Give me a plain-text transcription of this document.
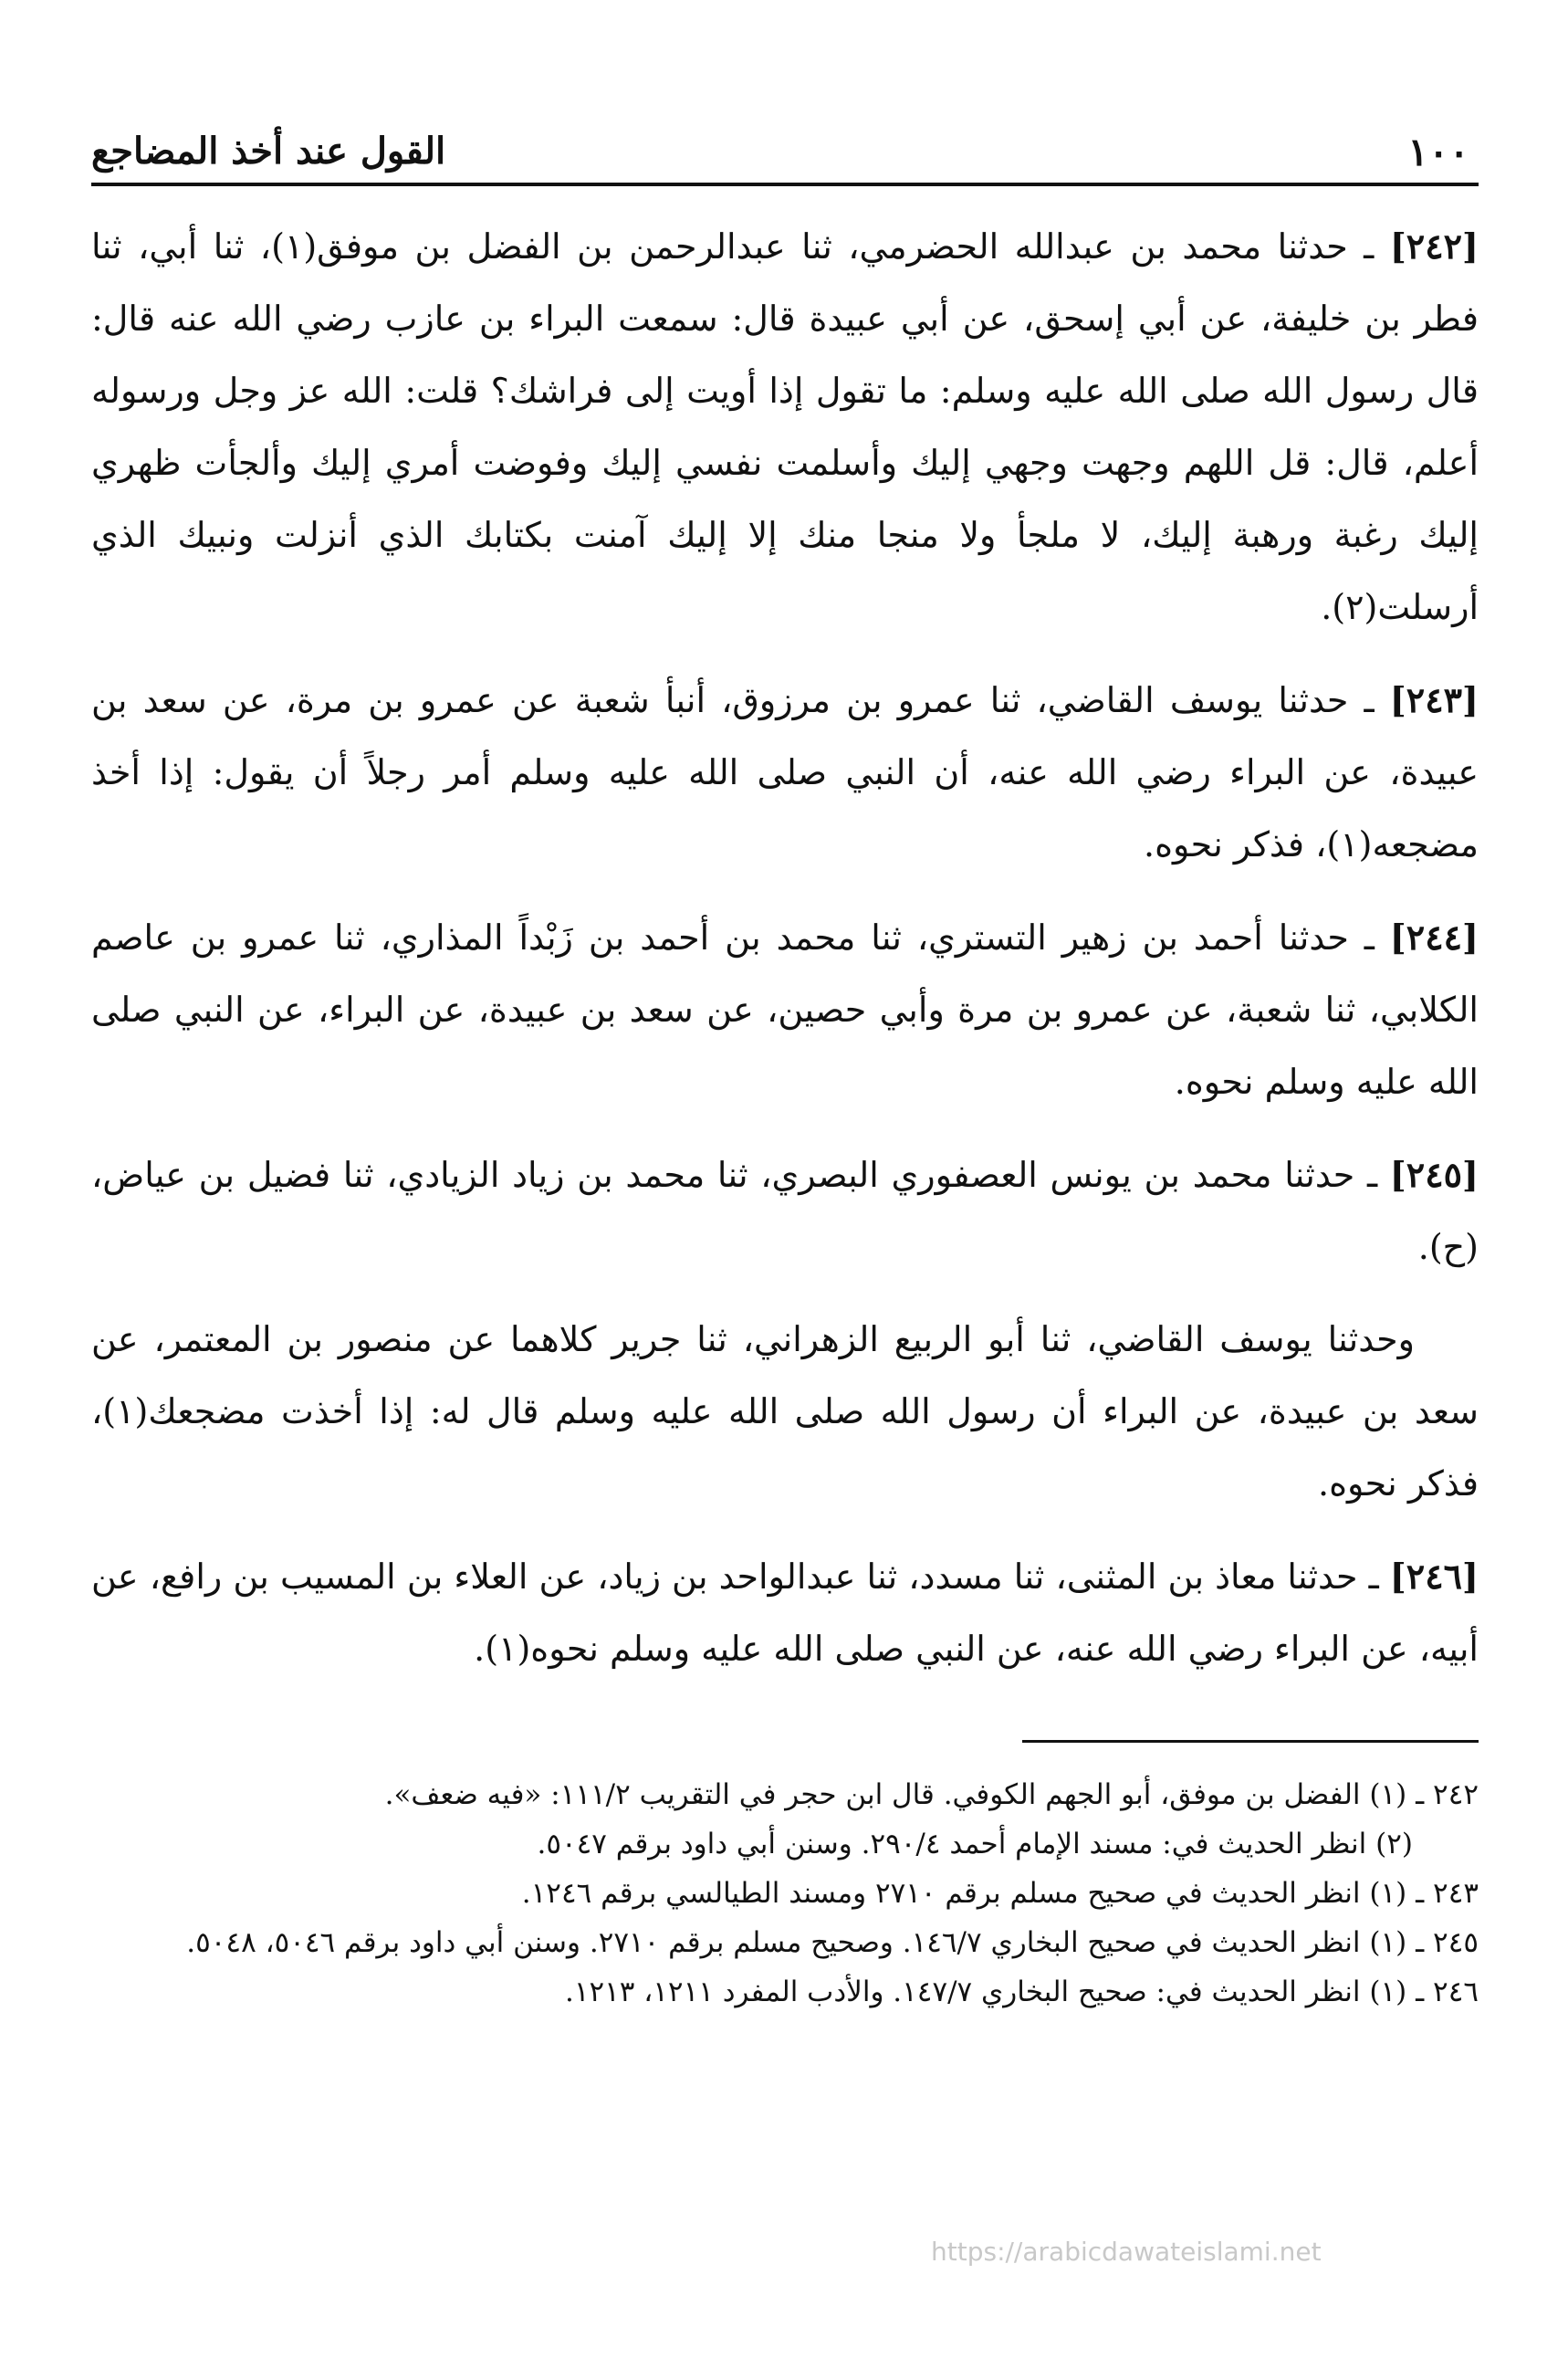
١٠٠
القول عند أخذ المضاجع

[٢٤٢] ـ حدثنا محمد بن عبدالله الحضرمي، ثنا عبدالرحمن بن الفضل بن موفق(١)، ثنا أبي، ثنا فطر بن خليفة، عن أبي إسحق، عن أبي عبيدة قال: سمعت البراء بن عازب رضي الله عنه قال: قال رسول الله صلى الله عليه وسلم: ما تقول إذا أويت إلى فراشك؟ قلت: الله عز وجل ورسوله أعلم، قال: قل اللهم وجهت وجهي إليك وأسلمت نفسي إليك وفوضت أمري إليك وألجأت ظهري إليك رغبة ورهبة إليك، لا ملجأ ولا منجا منك إلا إليك آمنت بكتابك الذي أنزلت ونبيك الذي أرسلت(٢).

[٢٤٣] ـ حدثنا يوسف القاضي، ثنا عمرو بن مرزوق، أنبأ شعبة عن عمرو بن مرة، عن سعد بن عبيدة، عن البراء رضي الله عنه، أن النبي صلى الله عليه وسلم أمر رجلاً أن يقول: إذا أخذ مضجعه(١)، فذكر نحوه.

[٢٤٤] ـ حدثنا أحمد بن زهير التستري، ثنا محمد بن أحمد بن زَبْداً المذاري، ثنا عمرو بن عاصم الكلابي، ثنا شعبة، عن عمرو بن مرة وأبي حصين، عن سعد بن عبيدة، عن البراء، عن النبي صلى الله عليه وسلم نحوه.

[٢٤٥] ـ حدثنا محمد بن يونس العصفوري البصري، ثنا محمد بن زياد الزيادي، ثنا فضيل بن عياض، (ح).

وحدثنا يوسف القاضي، ثنا أبو الربيع الزهراني، ثنا جرير كلاهما عن منصور بن المعتمر، عن سعد بن عبيدة، عن البراء أن رسول الله صلى الله عليه وسلم قال له: إذا أخذت مضجعك(١)، فذكر نحوه.

[٢٤٦] ـ حدثنا معاذ بن المثنى، ثنا مسدد، ثنا عبدالواحد بن زياد، عن العلاء بن المسيب بن رافع، عن أبيه، عن البراء رضي الله عنه، عن النبي صلى الله عليه وسلم نحوه(١).

٢٤٢ ـ (١) الفضل بن موفق، أبو الجهم الكوفي. قال ابن حجر في التقريب ١١١/٢: «فيه ضعف».

(٢) انظر الحديث في: مسند الإمام أحمد ٢٩٠/٤. وسنن أبي داود برقم ٥٠٤٧.

٢٤٣ ـ (١) انظر الحديث في صحيح مسلم برقم ٢٧١٠ ومسند الطيالسي برقم ١٢٤٦.

٢٤٥ ـ (١) انظر الحديث في صحيح البخاري ١٤٦/٧. وصحيح مسلم برقم ٢٧١٠. وسنن أبي داود برقم ٥٠٤٦، ٥٠٤٨.

٢٤٦ ـ (١) انظر الحديث في: صحيح البخاري ١٤٧/٧. والأدب المفرد ١٢١١، ١٢١٣.

https://arabicdawateislami.net
